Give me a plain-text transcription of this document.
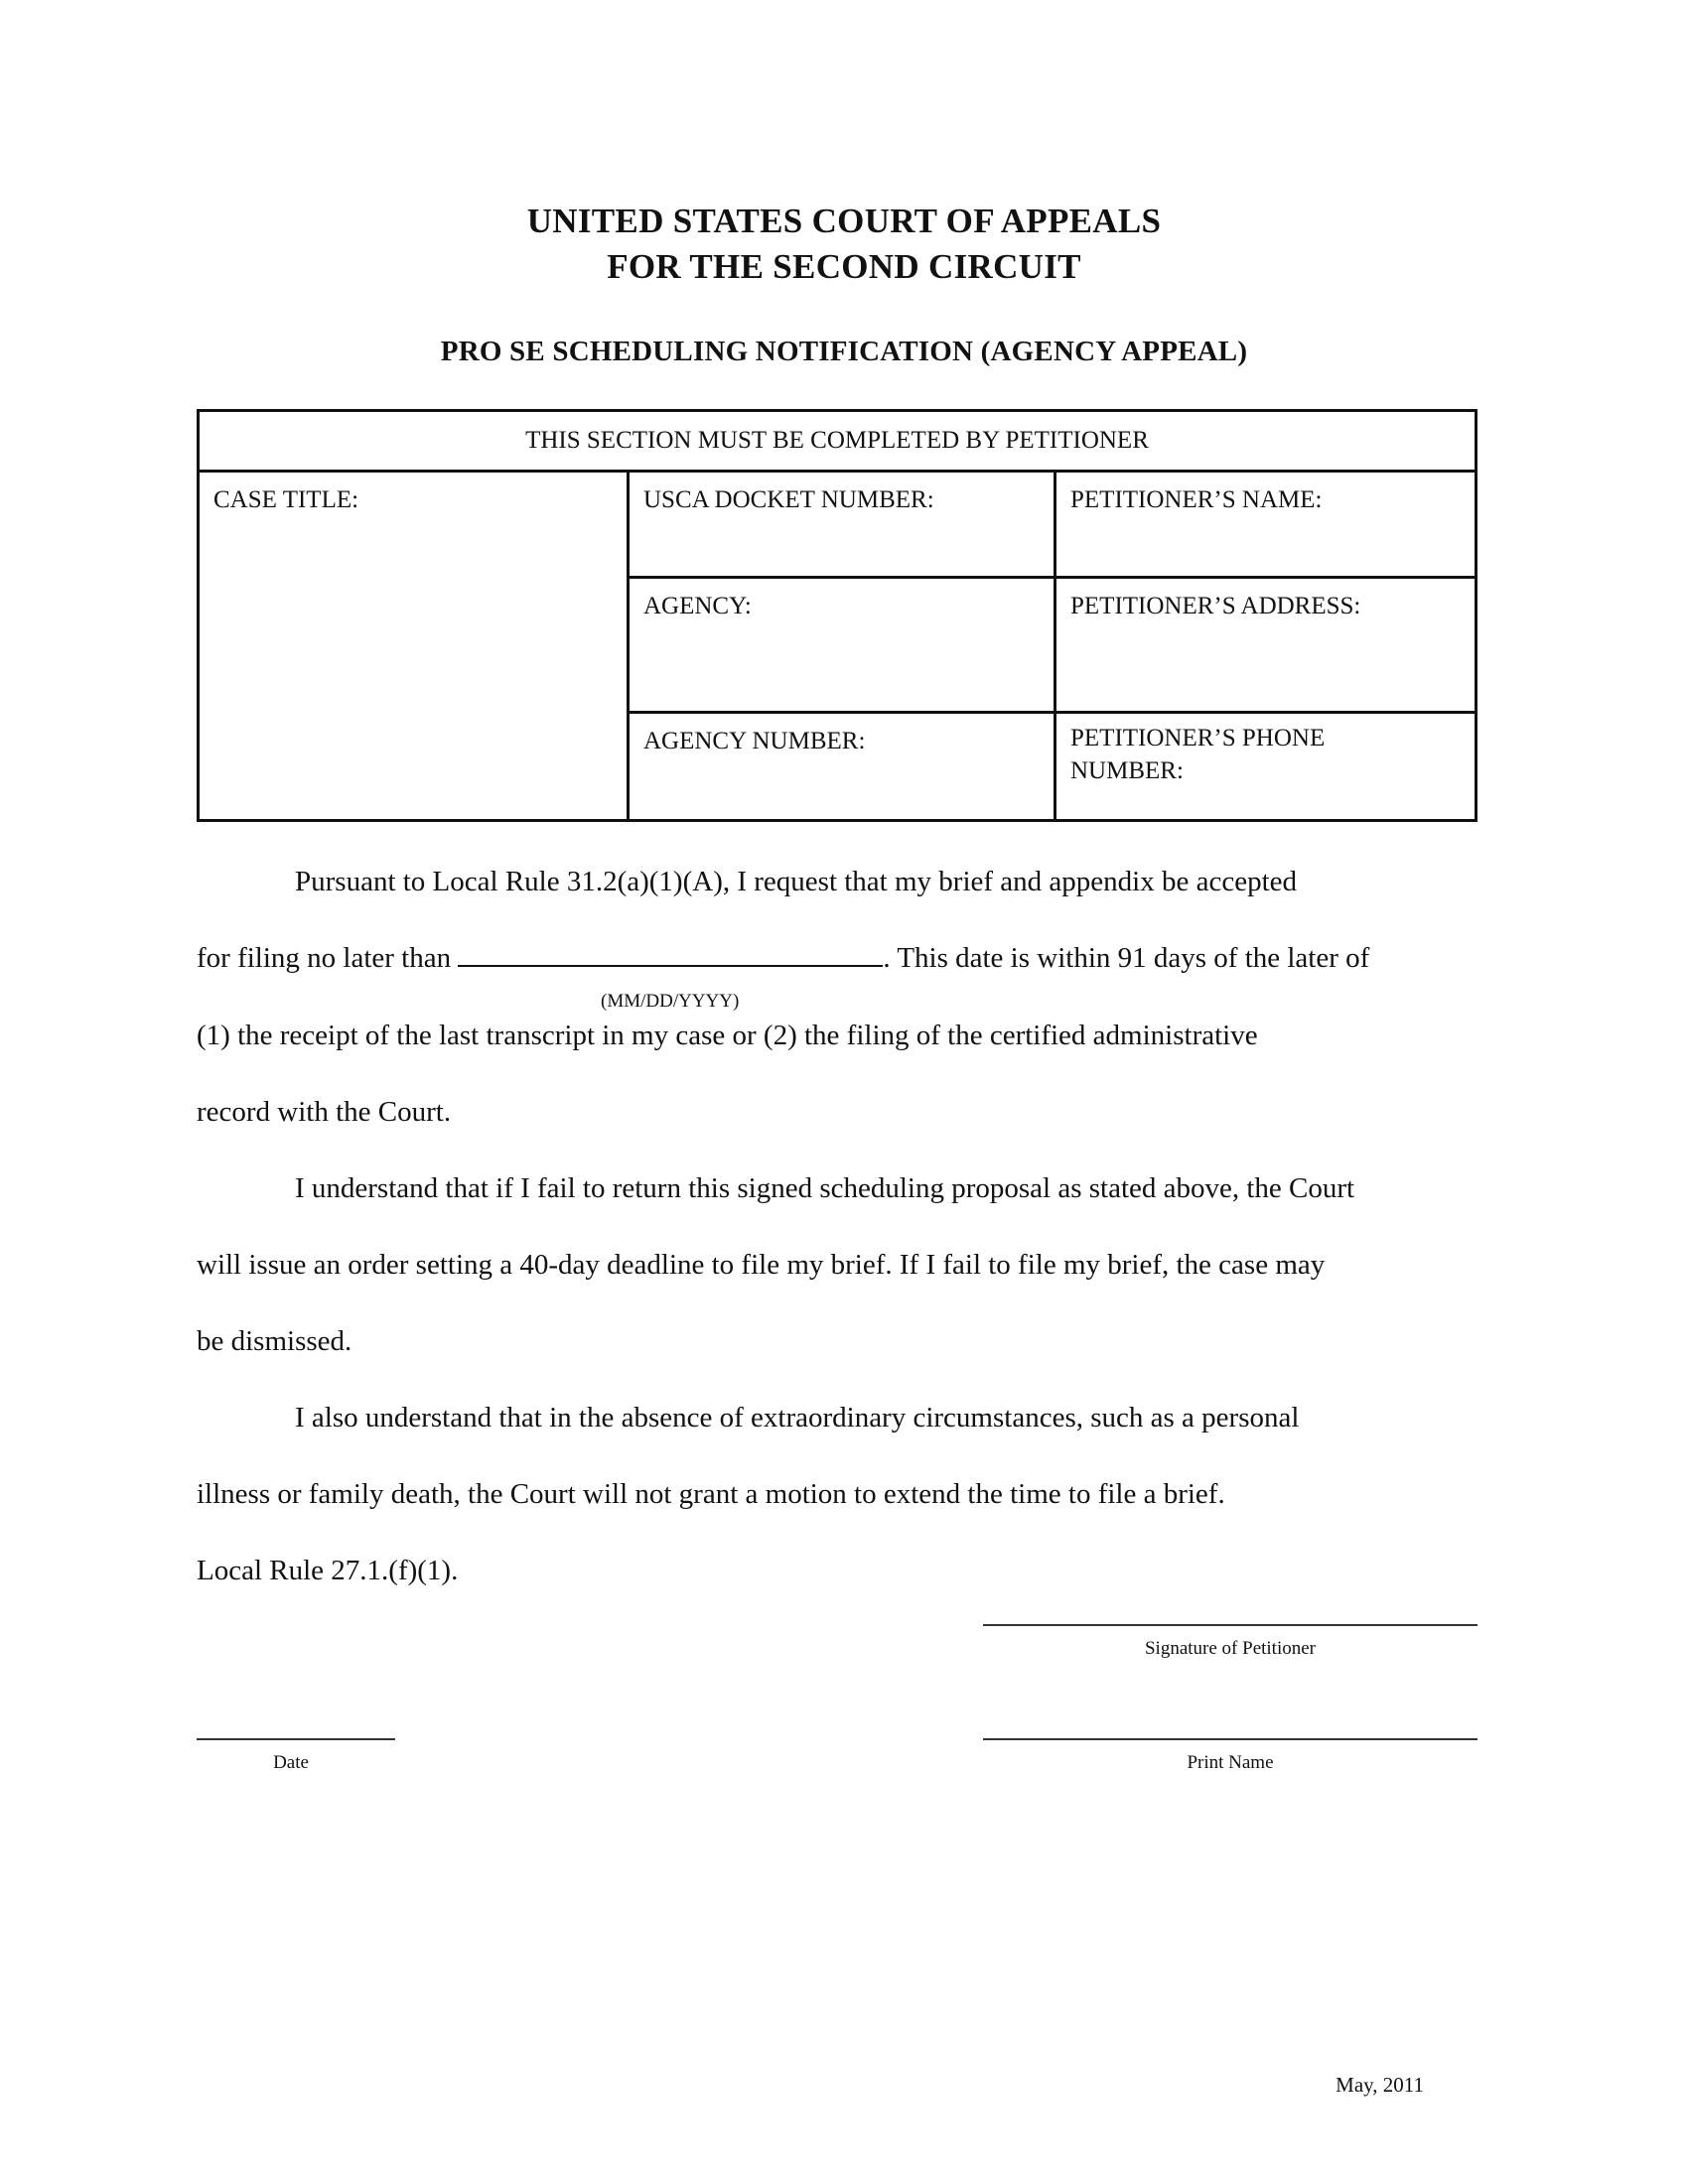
UNITED STATES COURT OF APPEALS
FOR THE SECOND CIRCUIT
PRO SE SCHEDULING NOTIFICATION (AGENCY APPEAL)
THIS SECTION MUST BE COMPLETED BY PETITIONER
CASE TITLE:	USCA DOCKET NUMBER:	PETITIONER’S NAME:
AGENCY:	PETITIONER’S ADDRESS:
AGENCY NUMBER:	PETITIONER’S PHONE
NUMBER:
Pursuant to Local Rule 31.2(a)(1)(A), I request that my brief and appendix be accepted
for filing no later than	. This date is within 91 days of the later of
(MM/DD/YYYY)
(1) the receipt of the last transcript in my case or (2) the filing of the certified administrative
record with the Court.
I understand that if I fail to return this signed scheduling proposal as stated above, the Court
will issue an order setting a 40-day deadline to file my brief. If I fail to file my brief, the case may
be dismissed.
I also understand that in the absence of extraordinary circumstances, such as a personal
illness or family death, the Court will not grant a motion to extend the time to file a brief.
Local Rule 27.1.(f)(1).
Signature of Petitioner
Date	Print Name
May, 2011
